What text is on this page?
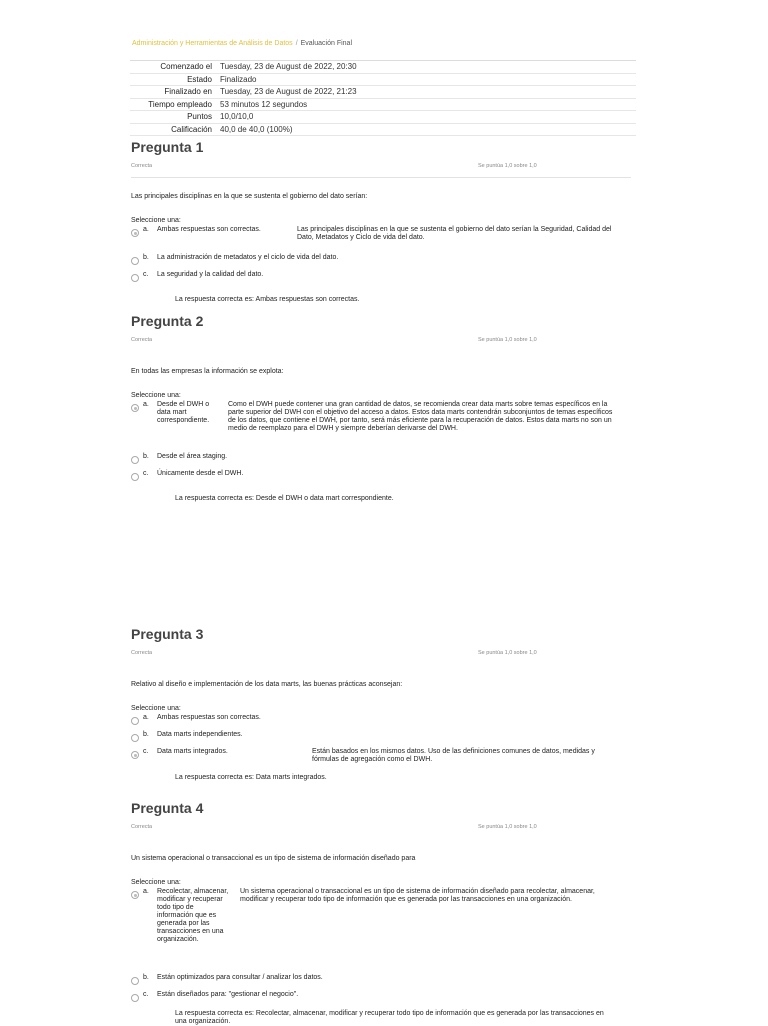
Administración y Herramientas de Análisis de Datos / Evaluación Final
Comenzado el	Tuesday, 23 de August de 2022, 20:30
Estado	Finalizado
Finalizado en	Tuesday, 23 de August de 2022, 21:23
Tiempo empleado	53 minutos 12 segundos
Puntos	10,0/10,0
Calificación	40,0 de 40,0 (100%)
Pregunta 1
Correcta	Se puntúa 1,0 sobre 1,0
Las principales disciplinas en la que se sustenta el gobierno del dato serían:
Seleccione una:
a.	Ambas respuestas son correctas.	Las principales disciplinas en la que se sustenta el gobierno del dato serían la Seguridad, Calidad del Dato, Metadatos y Ciclo de vida del dato.
b.	La administración de metadatos y el ciclo de vida del dato.
c.	La seguridad y la calidad del dato.
La respuesta correcta es: Ambas respuestas son correctas.
Pregunta 2
Correcta	Se puntúa 1,0 sobre 1,0
En todas las empresas la información se explota:
Seleccione una:
a.	Desde el DWH o data mart correspondiente.
Como el DWH puede contener una gran cantidad de datos, se recomienda crear data marts sobre temas específicos en la parte superior del DWH con el objetivo del acceso a datos. Estos data marts contendrán subconjuntos de temas específicos de los datos, que contiene el DWH, por tanto, será más eficiente para la recuperación de datos. Estos data marts no son un medio de reemplazo para el DWH y siempre deberían derivarse del DWH.
b.	Desde el área staging.
c.	Únicamente desde el DWH.
La respuesta correcta es: Desde el DWH o data mart correspondiente.
Pregunta 3
Correcta	Se puntúa 1,0 sobre 1,0
Relativo al diseño e implementación de los data marts, las buenas prácticas aconsejan:
Seleccione una:
a.	Ambas respuestas son correctas.
b.	Data marts independientes.
c.	Data marts integrados.	Están basados en los mismos datos. Uso de las definiciones comunes de datos, medidas y fórmulas de agregación como el DWH.
La respuesta correcta es: Data marts integrados.
Pregunta 4
Correcta	Se puntúa 1,0 sobre 1,0
Un sistema operacional o transaccional es un tipo de sistema de información diseñado para
Seleccione una:
a.	Recolectar, almacenar, modificar y recuperar todo tipo de información que es generada por las transacciones en una organización.
Un sistema operacional o transaccional es un tipo de sistema de información diseñado para recolectar, almacenar, modificar y recuperar todo tipo de información que es generada por las transacciones en una organización.
b.	Están optimizados para consultar / analizar los datos.
c.	Están diseñados para: "gestionar el negocio".
La respuesta correcta es: Recolectar, almacenar, modificar y recuperar todo tipo de información que es generada por las transacciones en una organización.
